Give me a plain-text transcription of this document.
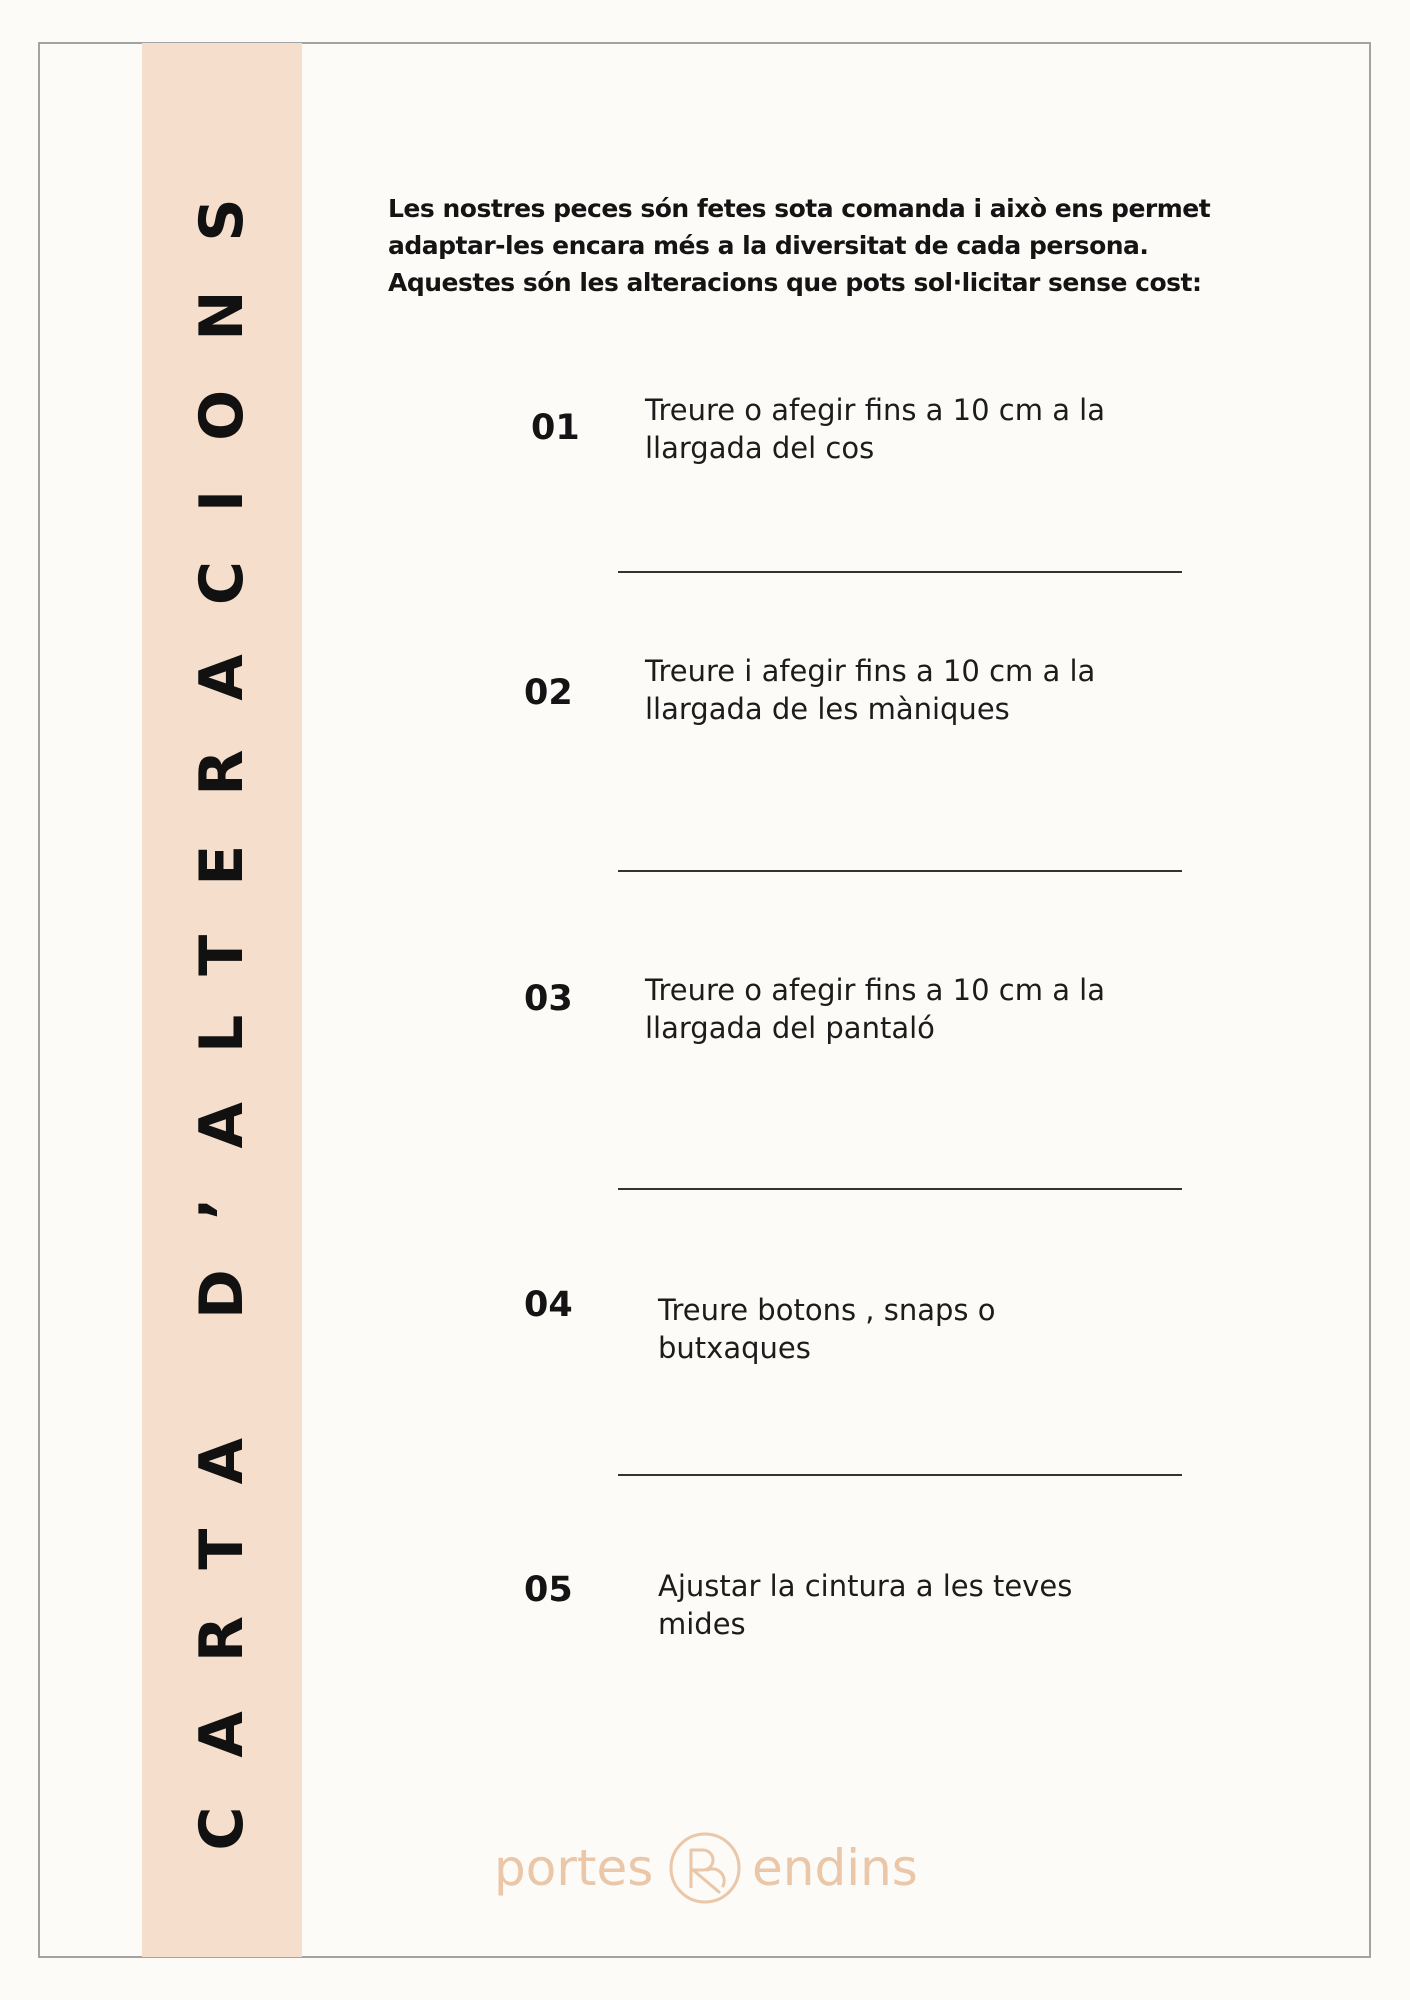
CARTA D’ALTERACIONS	Les nostres peces són fetes sota comanda i això ens permet
adaptar-les encara més a la diversitat de cada persona.
Aquestes són les alteracions que pots sol·licitar sense cost:
01 Treure o afegir fins a 10 cm a la
llargada del cos
02
Treure i afegir fins a 10 cm a la
llargada de les màniques
03 Treure o afegir fins a 10 cm a la
llargada del pantaló
04	Treure botons , snaps o
butxaques
05	Ajustar la cintura a les teves
mides
portes endins
